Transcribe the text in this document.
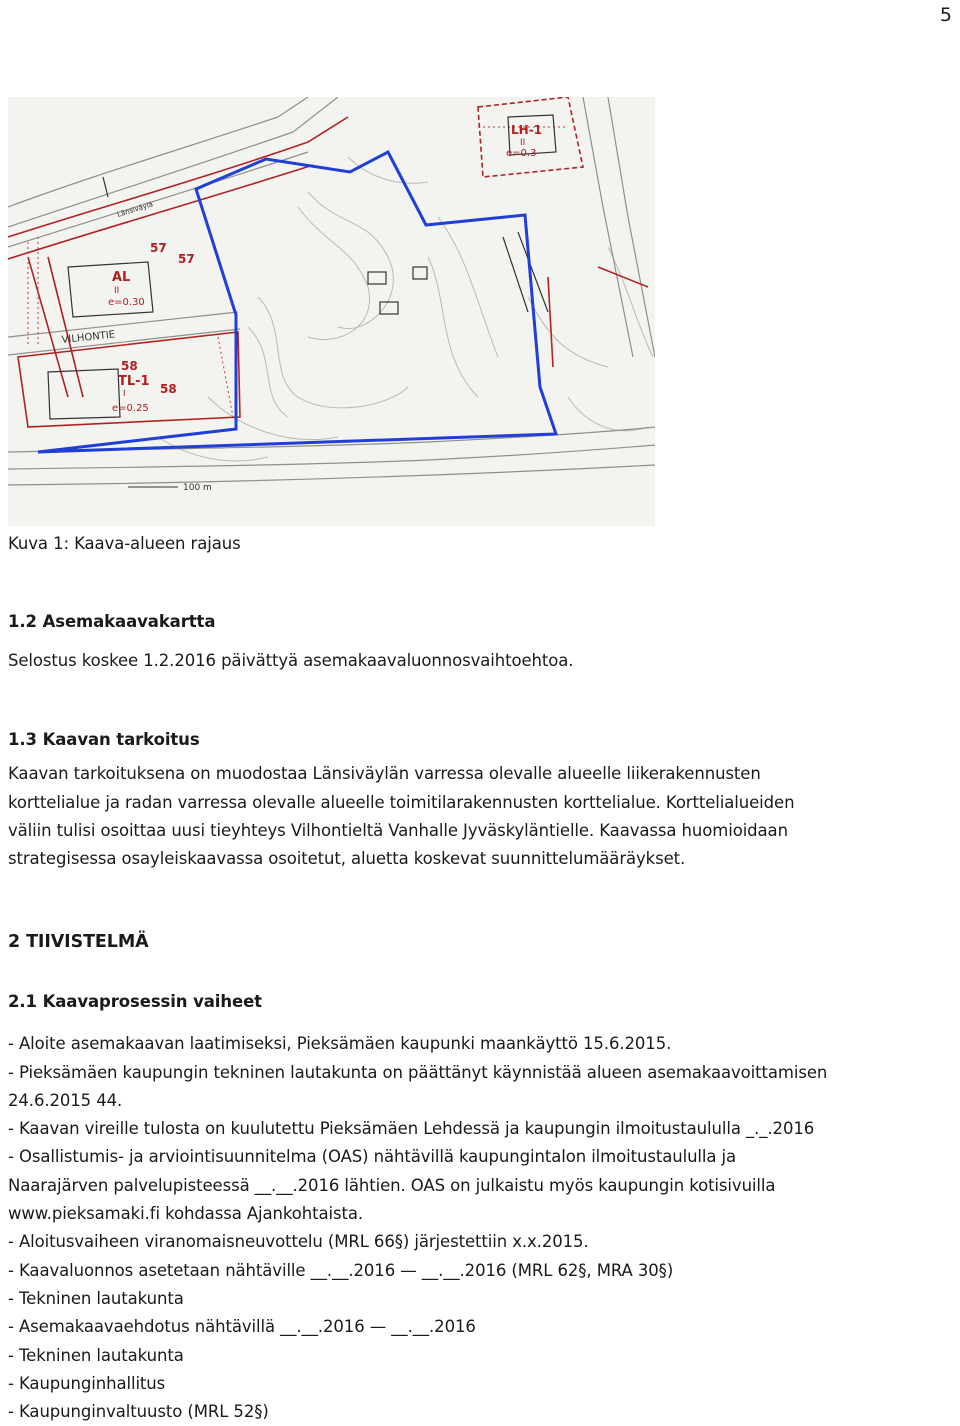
5
LH-1
II
e=0.3
AL
II
e=0.30
57
57
58
TL-1
I
e=0.25
58
VILHONTIE
100 m
Länsiväylä
Kuva 1: Kaava-alueen rajaus
1.2 Asemakaavakartta
Selostus koskee 1.2.2016 päivättyä asemakaavaluonnosvaihtoehtoa.
1.3 Kaavan tarkoitus
Kaavan tarkoituksena on muodostaa Länsiväylän varressa olevalle alueelle liikerakennusten
korttelialue ja radan varressa olevalle alueelle toimitilarakennusten korttelialue. Korttelialueiden
väliin tulisi osoittaa uusi tieyhteys Vilhontieltä Vanhalle Jyväskyläntielle. Kaavassa huomioidaan
strategisessa osayleiskaavassa osoitetut, aluetta koskevat suunnittelumääräykset.
2 TIIVISTELMÄ
2.1 Kaavaprosessin vaiheet
- Aloite asemakaavan laatimiseksi, Pieksämäen kaupunki maankäyttö 15.6.2015.
- Pieksämäen kaupungin tekninen lautakunta on päättänyt käynnistää alueen asemakaavoittamisen
24.6.2015 44.
- Kaavan vireille tulosta on kuulutettu Pieksämäen Lehdessä ja kaupungin ilmoitustaululla _._.2016
- Osallistumis- ja arviointisuunnitelma (OAS) nähtävillä kaupungintalon ilmoitustaululla ja
Naarajärven palvelupisteessä __.__.2016 lähtien. OAS on julkaistu myös kaupungin kotisivuilla
www.pieksamaki.fi kohdassa Ajankohtaista.
- Aloitusvaiheen viranomaisneuvottelu (MRL 66§) järjestettiin x.x.2015.
- Kaavaluonnos asetetaan nähtäville __.__.2016 — __.__.2016 (MRL 62§, MRA 30§)
- Tekninen lautakunta
- Asemakaavaehdotus nähtävillä __.__.2016 — __.__.2016
- Tekninen lautakunta
- Kaupunginhallitus
- Kaupunginvaltuusto (MRL 52§)
